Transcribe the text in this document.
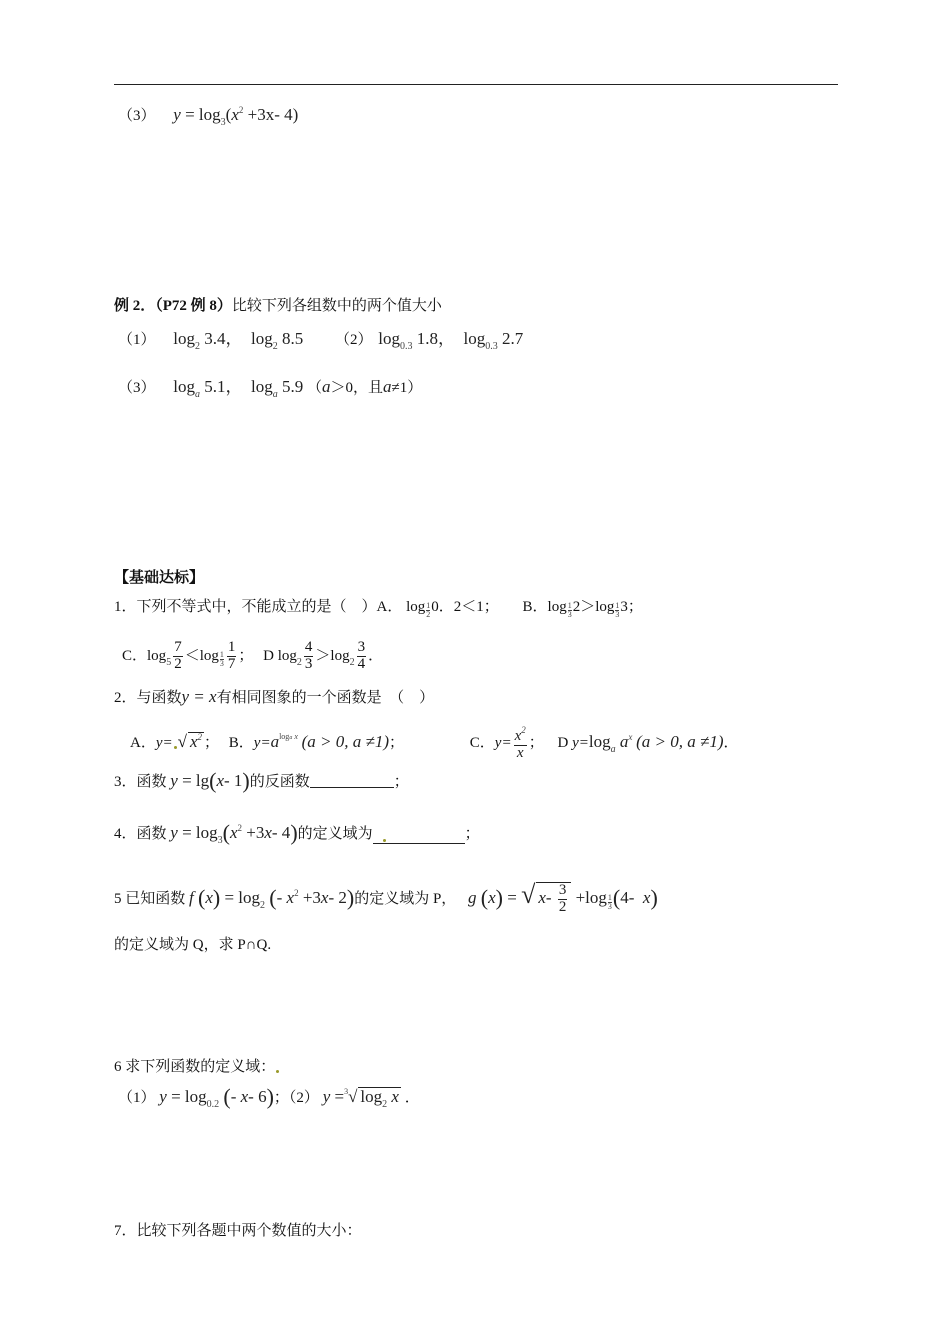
（3） $y = \log_3(x^2 +3x-$ 4)
例 2．（P72 例 8）比较下列各组数中的两个值大小
（1） $\log_2 3.4$，  $\log_2 8.5$ （2） $\log_{0.3} 1.8$，  $\log_{0.3} 2.7$
（3） $\log_a 5.1$，  $\log_a 5.9$ （a＞0，且a≠1）
【基础达标】
1．下列不等式中，不能成立的是（　）A． $\log \frac{1}{2} 0$．2＜1； B．$\log \frac{1}{3} 2>\log \frac{1}{3} 3$；
C．$\log_5 \frac{7}{2} <\log \frac{1}{3} \frac{1}{7}$ ； D $\log_2 \frac{4}{3} >\log_2 \frac{3}{4}$ ．
2．与函数y = x有相同图象的一个函数是　（　）
A．y= √ $x^2$ ； B．$y=a^{loga x}$ (a > 0, a ≠1)；	C．$y= \frac{x^2}{x}$ ； D $y=\log_a$ $a^x$ (a > 0, a ≠1)．
3．函数 y = lg(x- 1)的反函数	；
4．函数 $y = \log_3(x^2 +3x-$ 4)的定义域为	；
5 已知函数 f $(x) = \log_2$ (- $x^2 +3x-$ 2)的定义域为 P， g (x) = √ $x- \frac{3}{2} +\log \frac{1}{3} (4-$  x)
的定义域为 Q，求 P∩Q.
6 求下列函数的定义域：
（1） $y = \log_{0.2}$ (- x- 6)；（2） y =$^3$√ $\log_2 x$ ．
7．比较下列各题中两个数值的大小：
